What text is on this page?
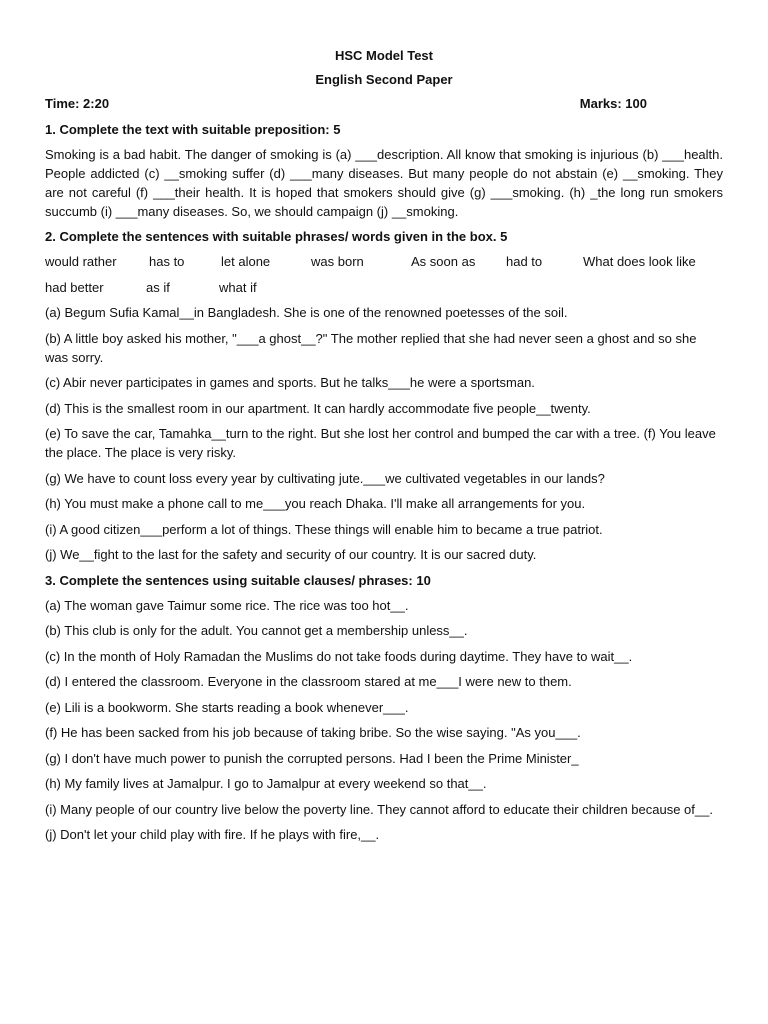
HSC Model Test
English Second Paper
Time: 2:20	Marks: 100
1. Complete the text with suitable preposition: 5
Smoking is a bad habit. The danger of smoking is (a) ___description. All know that smoking is injurious (b) ___health. People addicted (c) __smoking suffer (d) ___many diseases. But many people do not abstain (e) __smoking. They are not careful (f) ___their health. It is hoped that smokers should give (g) ___smoking. (h) _the long run smokers succumb (i) ___many diseases. So, we should campaign (j) __smoking.
2. Complete the sentences with suitable phrases/ words given in the box. 5
would rather	has to	let alone	was born	As soon as	had to	What does look like
had better	as if	what if
(a) Begum Sufia Kamal__in Bangladesh. She is one of the renowned poetesses of the soil.
(b) A little boy asked his mother, "___a ghost__?" The mother replied that she had never seen a ghost and so she was sorry.
(c) Abir never participates in games and sports. But he talks___he were a sportsman.
(d) This is the smallest room in our apartment. It can hardly accommodate five people__twenty.
(e) To save the car, Tamahka__turn to the right. But she lost her control and bumped the car with a tree. (f) You leave the place. The place is very risky.
(g) We have to count loss every year by cultivating jute.___we cultivated vegetables in our lands?
(h) You must make a phone call to me___you reach Dhaka. I'll make all arrangements for you.
(i) A good citizen___perform a lot of things. These things will enable him to became a true patriot.
(j) We__fight to the last for the safety and security of our country. It is our sacred duty.
3. Complete the sentences using suitable clauses/ phrases: 10
(a) The woman gave Taimur some rice. The rice was too hot__.
(b) This club is only for the adult. You cannot get a membership unless__.
(c) In the month of Holy Ramadan the Muslims do not take foods during daytime. They have to wait__.
(d) I entered the classroom. Everyone in the classroom stared at me___I were new to them.
(e) Lili is a bookworm. She starts reading a book whenever___.
(f) He has been sacked from his job because of taking bribe. So the wise saying. "As you___.
(g) I don't have much power to punish the corrupted persons. Had I been the Prime Minister_
(h) My family lives at Jamalpur. I go to Jamalpur at every weekend so that__.
(i) Many people of our country live below the poverty line. They cannot afford to educate their children because of__.
(j) Don't let your child play with fire. If he plays with fire,__.
